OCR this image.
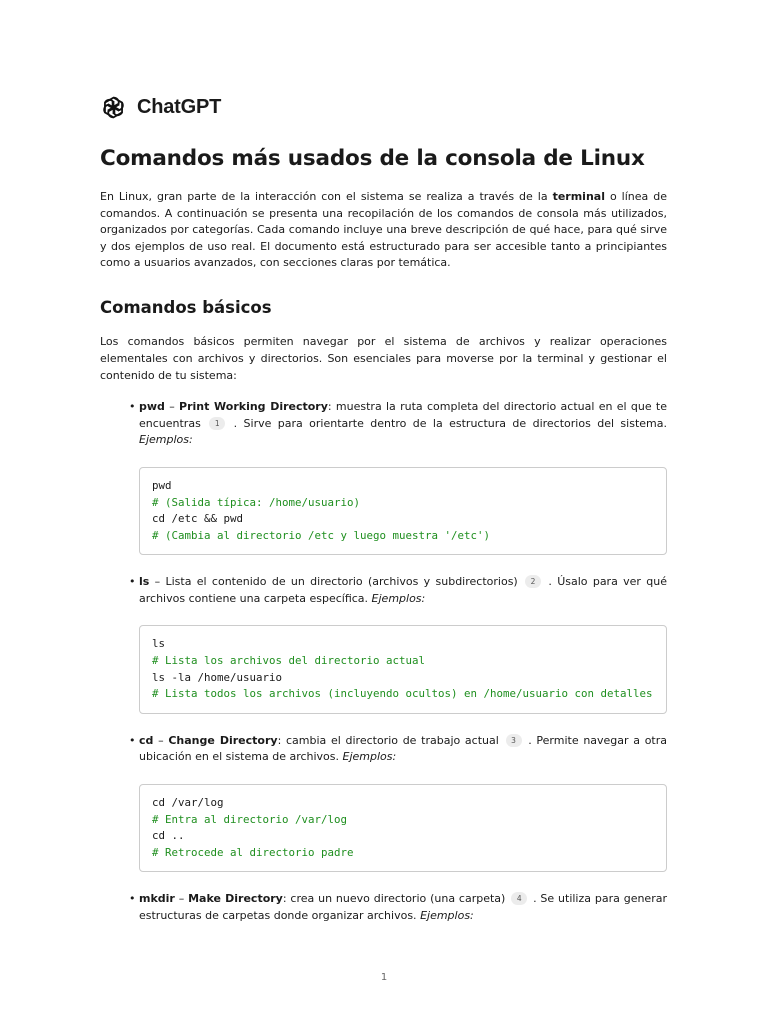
ChatGPT
Comandos más usados de la consola de Linux

En Linux, gran parte de la interacción con el sistema se realiza a través de la terminal o línea de comandos. A continuación se presenta una recopilación de los comandos de consola más utilizados, organizados por categorías. Cada comando incluye una breve descripción de qué hace, para qué sirve y dos ejemplos de uso real. El documento está estructurado para ser accesible tanto a principiantes como a usuarios avanzados, con secciones claras por temática.

Comandos básicos

Los comandos básicos permiten navegar por el sistema de archivos y realizar operaciones elementales con archivos y directorios. Son esenciales para moverse por la terminal y gestionar el contenido de tu sistema:

• pwd – Print Working Directory: muestra la ruta completa del directorio actual en el que te encuentras 1 . Sirve para orientarte dentro de la estructura de directorios del sistema. Ejemplos:
pwd
# (Salida típica: /home/usuario)
cd /etc && pwd
# (Cambia al directorio /etc y luego muestra '/etc')
• ls – Lista el contenido de un directorio (archivos y subdirectorios) 2 . Úsalo para ver qué archivos contiene una carpeta específica. Ejemplos:
ls
# Lista los archivos del directorio actual
ls -la /home/usuario
# Lista todos los archivos (incluyendo ocultos) en /home/usuario con detalles
• cd – Change Directory: cambia el directorio de trabajo actual 3 . Permite navegar a otra ubicación en el sistema de archivos. Ejemplos:
cd /var/log
# Entra al directorio /var/log
cd ..
# Retrocede al directorio padre
• mkdir – Make Directory: crea un nuevo directorio (una carpeta) 4 . Se utiliza para generar estructuras de carpetas donde organizar archivos. Ejemplos:
1
